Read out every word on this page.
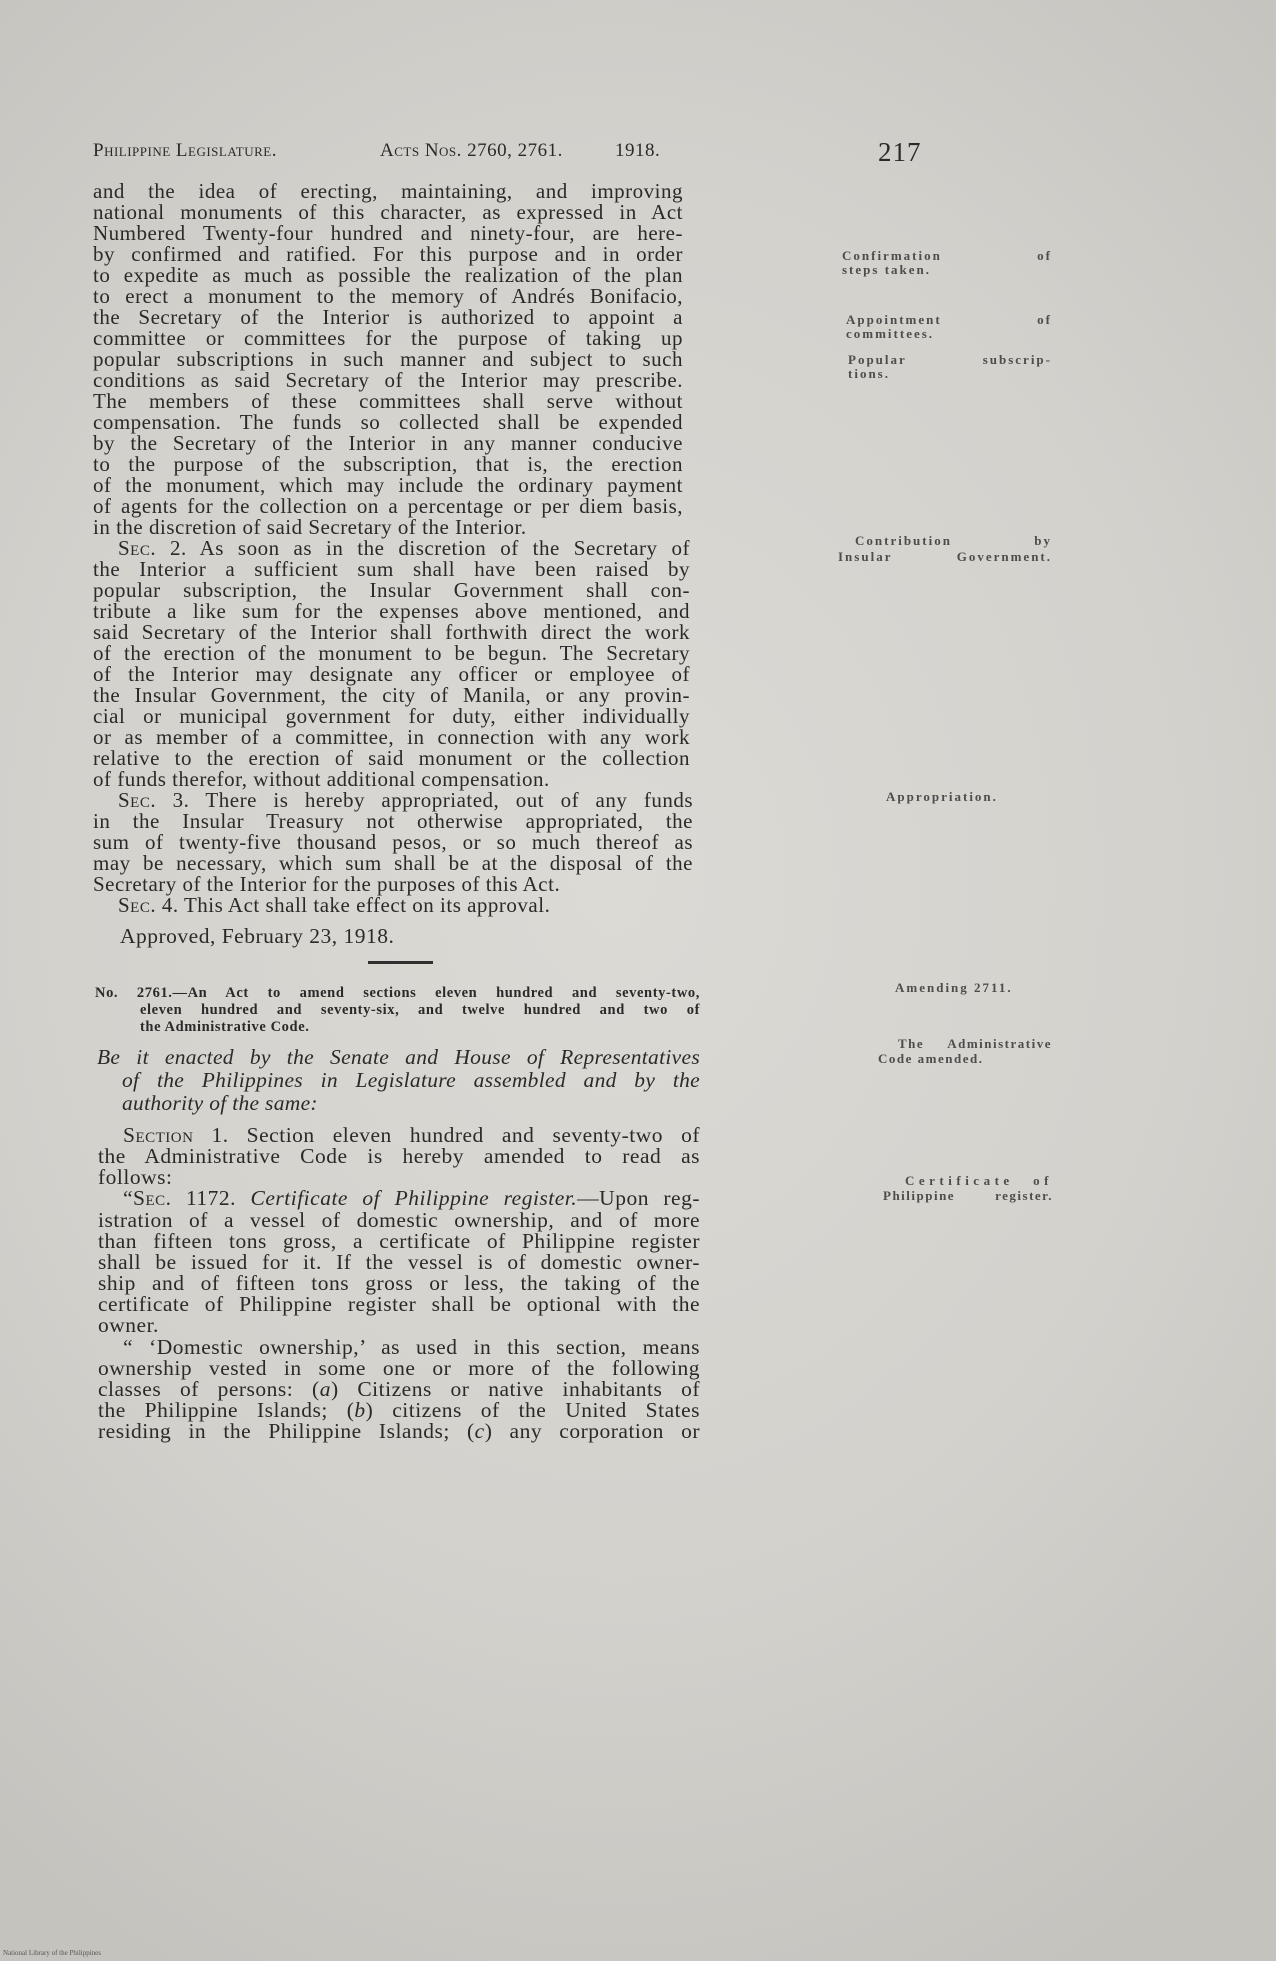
Philippine Legislature.	Acts Nos. 2760, 2761.	1918.	217
and the idea of erecting, maintaining, and improving
national monuments of this character, as expressed in Act
Numbered Twenty-four hundred and ninety-four, are here-
by confirmed and ratified. For this purpose and in order
to expedite as much as possible the realization of the plan
to erect a monument to the memory of Andrés Bonifacio,
the Secretary of the Interior is authorized to appoint a
committee or committees for the purpose of taking up
popular subscriptions in such manner and subject to such
conditions as said Secretary of the Interior may prescribe.
The members of these committees shall serve without
compensation. The funds so collected shall be expended
by the Secretary of the Interior in any manner conducive
to the purpose of the subscription, that is, the erection
of the monument, which may include the ordinary payment
of agents for the collection on a percentage or per diem basis,
in the discretion of said Secretary of the Interior.
Sec. 2. As soon as in the discretion of the Secretary of
the Interior a sufficient sum shall have been raised by
popular subscription, the Insular Government shall con-
tribute a like sum for the expenses above mentioned, and
said Secretary of the Interior shall forthwith direct the work
of the erection of the monument to be begun. The Secretary
of the Interior may designate any officer or employee of
the Insular Government, the city of Manila, or any provin-
cial or municipal government for duty, either individually
or as member of a committee, in connection with any work
relative to the erection of said monument or the collection
of funds therefor, without additional compensation.
Sec. 3. There is hereby appropriated, out of any funds
in the Insular Treasury not otherwise appropriated, the
sum of twenty-five thousand pesos, or so much thereof as
may be necessary, which sum shall be at the disposal of the
Secretary of the Interior for the purposes of this Act.
Sec. 4. This Act shall take effect on its approval.
Approved, February 23, 1918.
No. 2761.—An Act to amend sections eleven hundred and seventy-two,
eleven hundred and seventy-six, and twelve hundred and two of
the Administrative Code.
Be it enacted by the Senate and House of Representatives
of the Philippines in Legislature assembled and by the
authority of the same:
Section 1. Section eleven hundred and seventy-two of
the Administrative Code is hereby amended to read as
follows:
“Sec. 1172. Certificate of Philippine register.—Upon reg-
istration of a vessel of domestic ownership, and of more
than fifteen tons gross, a certificate of Philippine register
shall be issued for it. If the vessel is of domestic owner-
ship and of fifteen tons gross or less, the taking of the
certificate of Philippine register shall be optional with the
owner.
“ ‘Domestic ownership,’ as used in this section, means
ownership vested in some one or more of the following
classes of persons: (a) Citizens or native inhabitants of
the Philippine Islands; (b) citizens of the United States
residing in the Philippine Islands; (c) any corporation or
Confirmation of
steps taken.
Appointment of
committees.
Popular subscrip-
tions.
Contribution by
Insular Government.
Appropriation.
Amending 2711.
The Administrative
Code amended.
Certificate of
Philippine register.
National Library of the Philippines
